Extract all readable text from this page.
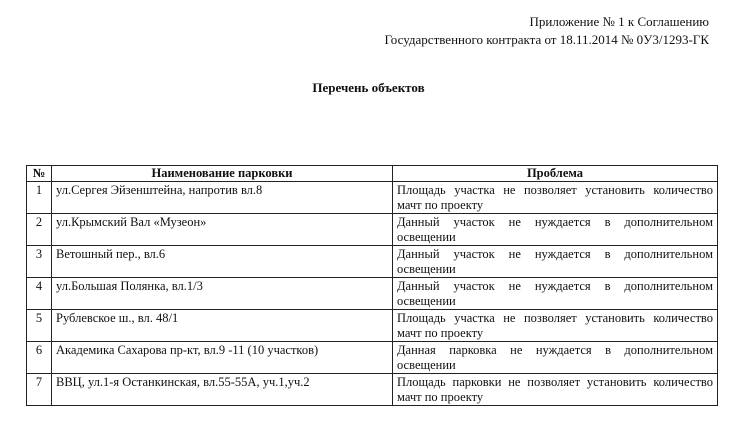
Приложение № 1 к Соглашению
Государственного контракта от 18.11.2014 № 0У3/1293-ГК
Перечень объектов
№	Наименование парковки	Проблема
1	ул.Сергея Эйзенштейна, напротив вл.8	Площадь участка не позволяет установить количество мачт по проекту
2	ул.Крымский Вал «Музеон»	Данный участок не нуждается в дополнительном освещении
3	Ветошный пер., вл.6	Данный участок не нуждается в дополнительном освещении
4	ул.Большая Полянка, вл.1/3	Данный участок не нуждается в дополнительном освещении
5	Рублевское ш., вл. 48/1	Площадь участка не позволяет установить количество мачт по проекту
6	Академика Сахарова пр-кт, вл.9 -11 (10 участков)	Данная парковка не нуждается в дополнительном освещении
7	ВВЦ, ул.1-я Останкинская, вл.55-55А, уч.1,уч.2	Площадь парковки не позволяет установить количество мачт по проекту
